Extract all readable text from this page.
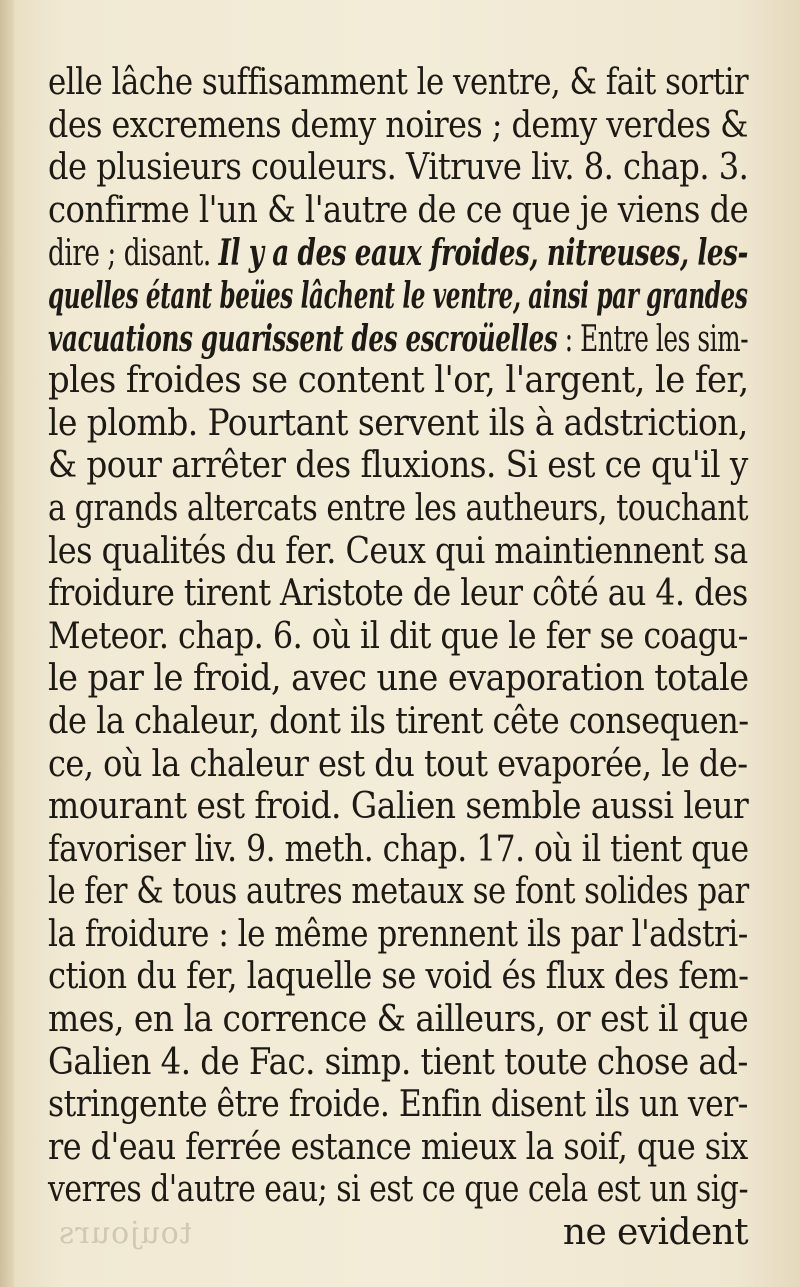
elle lâche suffisamment le ventre, & fait sortir
des excremens demy noires ; demy verdes &
de plusieurs couleurs. Vitruve liv. 8. chap. 3.
confirme l'un & l'autre de ce que je viens de
dire ; disant. Il y a des eaux froides, nitreuses, les-
quelles étant beües lâchent le ventre, ainsi par grandes
vacuations guarissent des escroüelles : Entre les sim-
ples froides se content l'or, l'argent, le fer,
le plomb. Pourtant servent ils à adstriction,
& pour arrêter des fluxions. Si est ce qu'il y
a grands altercats entre les autheurs, touchant
les qualités du fer. Ceux qui maintiennent sa
froidure tirent Aristote de leur côté au 4. des
Meteor. chap. 6. où il dit que le fer se coagu-
le par le froid, avec une evaporation totale
de la chaleur, dont ils tirent cête consequen-
ce, où la chaleur est du tout evaporée, le de-
mourant est froid. Galien semble aussi leur
favoriser liv. 9. meth. chap. 17. où il tient que
le fer & tous autres metaux se font solides par
la froidure : le même prennent ils par l'adstri-
ction du fer, laquelle se void és flux des fem-
mes, en la corrence & ailleurs, or est il que
Galien 4. de Fac. simp. tient toute chose ad-
stringente être froide. Enfin disent ils un ver-
re d'eau ferrée estance mieux la soif, que six
verres d'autre eau; si est ce que cela est un sig-
ne evident
toujours
